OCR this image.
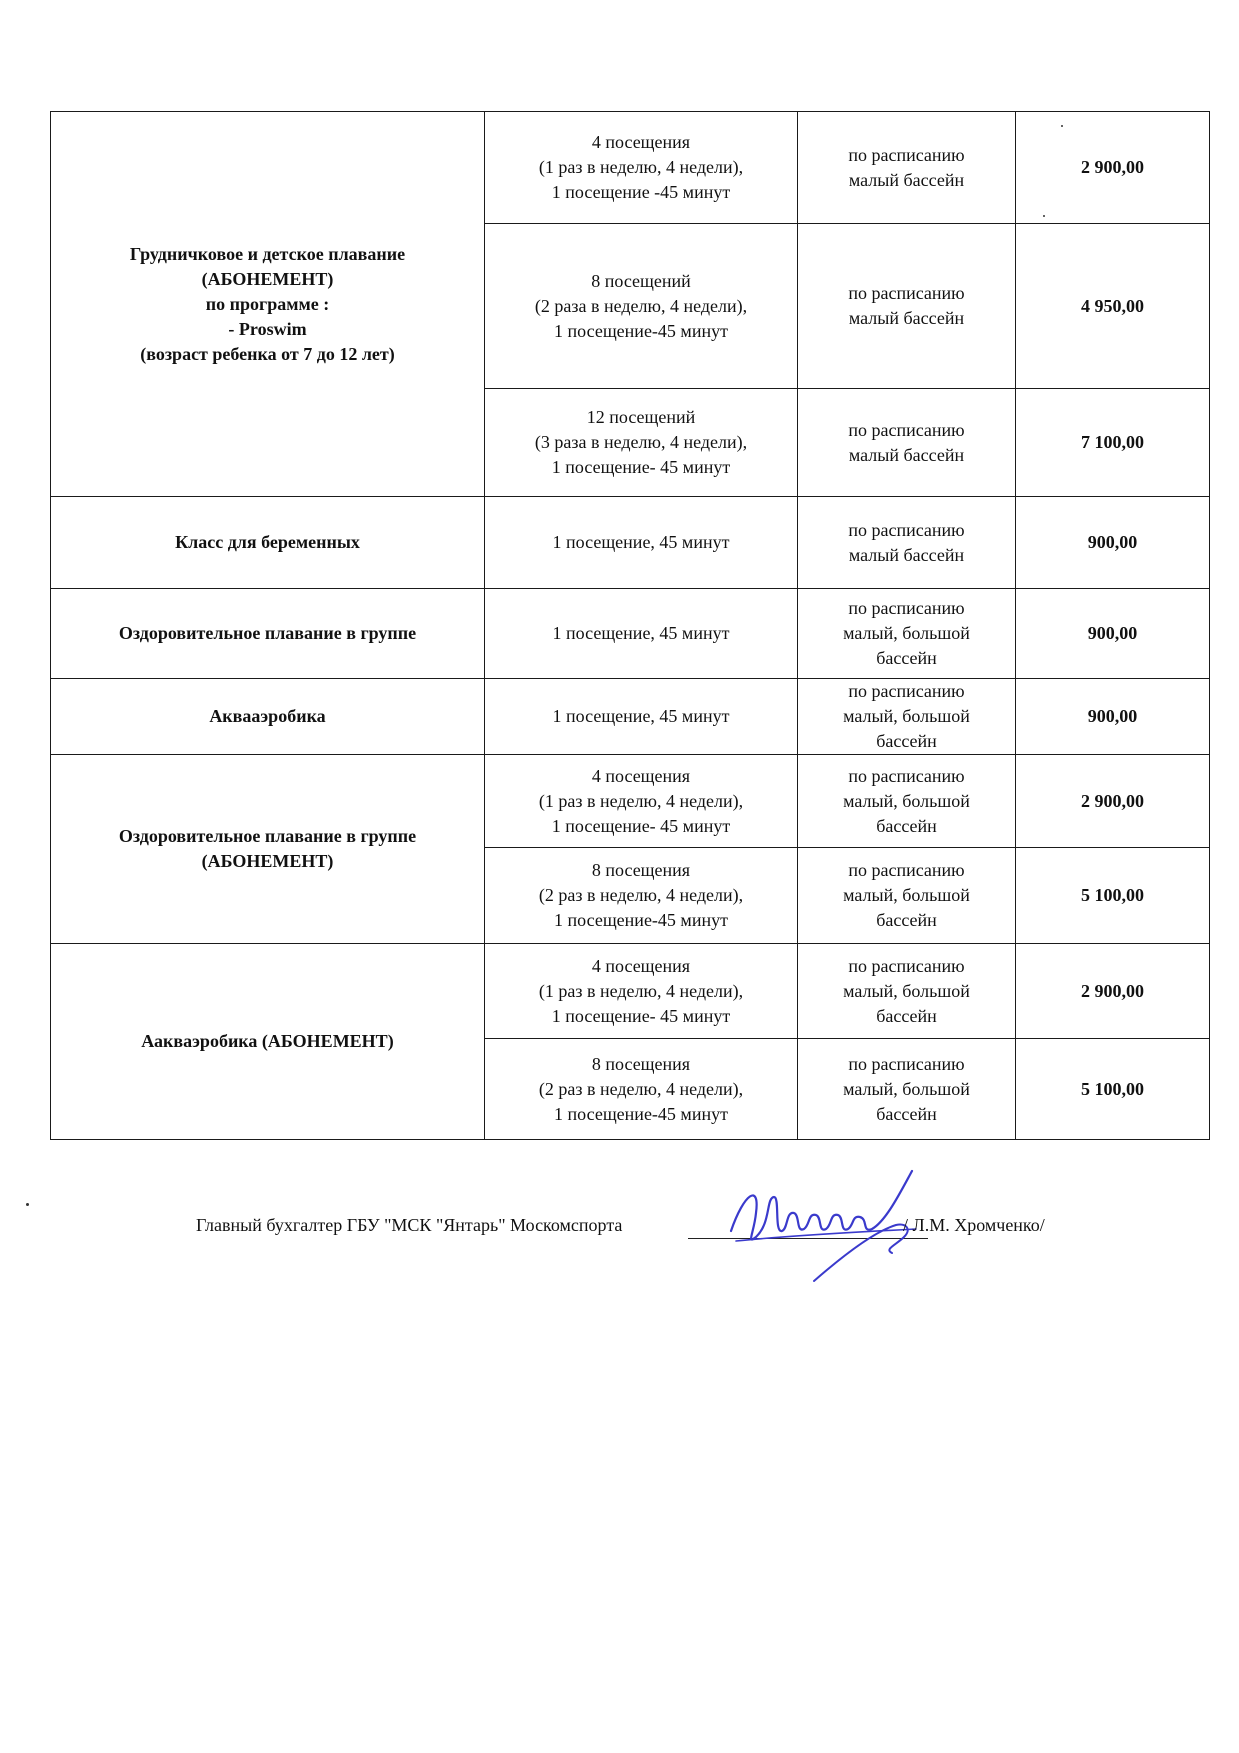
Грудничковое и детское плавание
(АБОНЕМЕНТ)
по программе :
- Proswim
(возраст ребенка от 7 до 12 лет)	4 посещения
(1 раз в неделю, 4 недели),
1 посещение -45 минут	по расписанию
малый бассейн	2 900,00
	8 посещений
(2 раза в неделю, 4 недели),
1 посещение-45 минут	по расписанию
малый бассейн	4 950,00
	12 посещений
(3 раза в неделю, 4 недели),
1 посещение- 45 минут	по расписанию
малый бассейн	7 100,00
Класс для беременных	1 посещение, 45 минут	по расписанию
малый бассейн	900,00
Оздоровительное плавание в группе	1 посещение, 45 минут	по расписанию
малый, большой
бассейн	900,00
Аквааэробика	1 посещение, 45 минут	по расписанию
малый, большой
бассейн	900,00
Оздоровительное плавание в группе
(АБОНЕМЕНТ)	4 посещения
(1 раз в неделю, 4 недели),
1 посещение- 45 минут	по расписанию
малый, большой
бассейн	2 900,00
	8 посещения
(2 раз в неделю, 4 недели),
1 посещение-45 минут	по расписанию
малый, большой
бассейн	5 100,00
Аакваэробика (АБОНЕМЕНТ)	4 посещения
(1 раз в неделю, 4 недели),
1 посещение- 45 минут	по расписанию
малый, большой
бассейн	2 900,00
	8 посещения
(2 раз в неделю, 4 недели),
1 посещение-45 минут	по расписанию
малый, большой
бассейн	5 100,00
Главный бухгалтер ГБУ "МСК "Янтарь" Москомспорта	/ Л.М. Хромченко/
